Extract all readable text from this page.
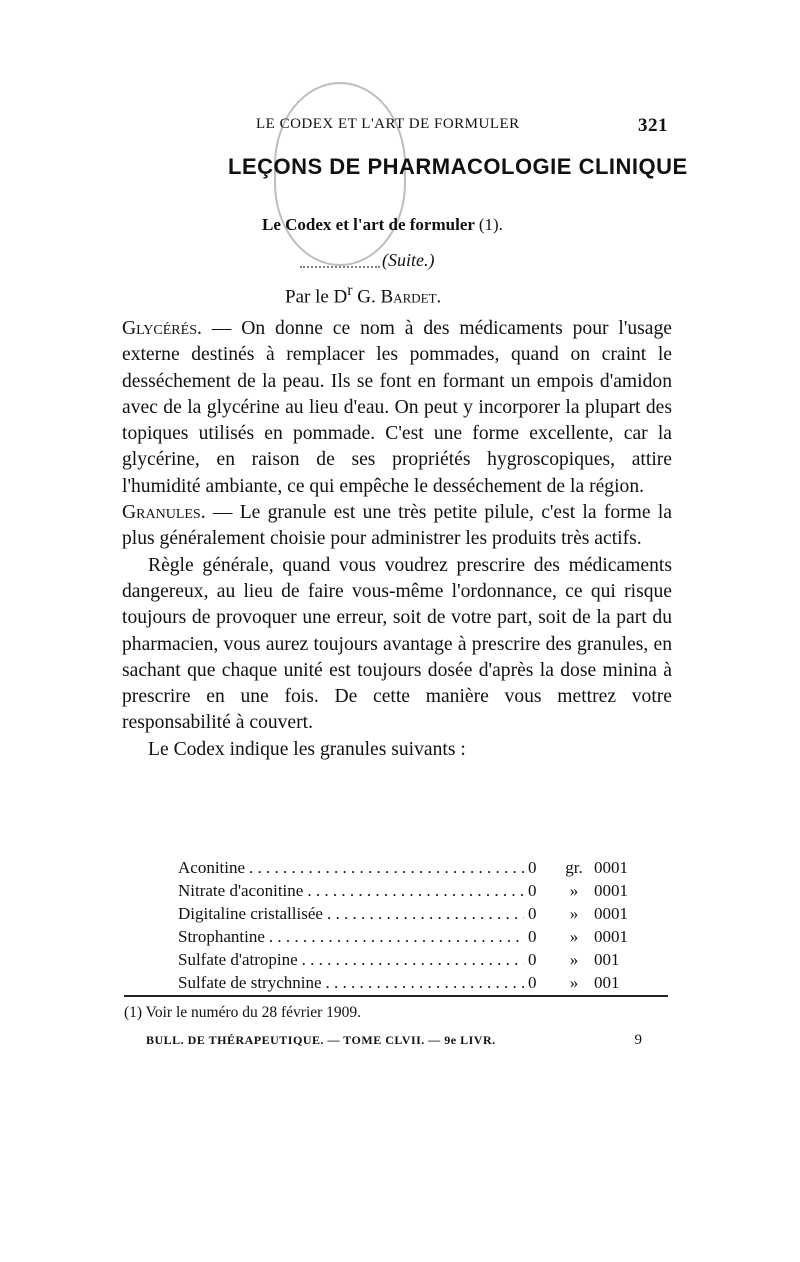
LE CODEX ET L'ART DE FORMULER	321
LEÇONS DE PHARMACOLOGIE CLINIQUE
Le Codex et l'art de formuler (1).
(Suite.)
Par le $D^r$ G. Bardet.

Glycérés. — On donne ce nom à des médicaments pour l'usage externe destinés à remplacer les pommades, quand on craint le desséchement de la peau. Ils se font en formant un empois d'amidon avec de la glycérine au lieu d'eau. On peut y incorporer la plupart des topiques utilisés en pommade. C'est une forme excellente, car la glycérine, en raison de ses propriétés hygroscopiques, attire l'humidité ambiante, ce qui empêche le desséchement de la région.

Granules. — Le granule est une très petite pilule, c'est la forme la plus généralement choisie pour administrer les produits très actifs.

Règle générale, quand vous voudrez prescrire des médicaments dangereux, au lieu de faire vous-même l'ordonnance, ce qui risque toujours de provoquer une erreur, soit de votre part, soit de la part du pharmacien, vous aurez toujours avantage à prescrire des granules, en sachant que chaque unité est toujours dosée d'après la dose minina à prescrire en une fois. De cette manière vous mettrez votre responsabilité à couvert.

Le Codex indique les granules suivants :

Aconitine . . .	0	gr. 0001
Nitrate d'aconitine . . .	0	» 0001
Digitaline cristallisée . . .	0	» 0001
Strophantine . . .	0	» 0001
Sulfate d'atropine . . .	0	» 001
Sulfate de strychnine . . .	0	» 001
(1) Voir le numéro du 28 février 1909.
BULL. DE THÉRAPEUTIQUE. — TOME CLVII. — 9e LIVR.	9
